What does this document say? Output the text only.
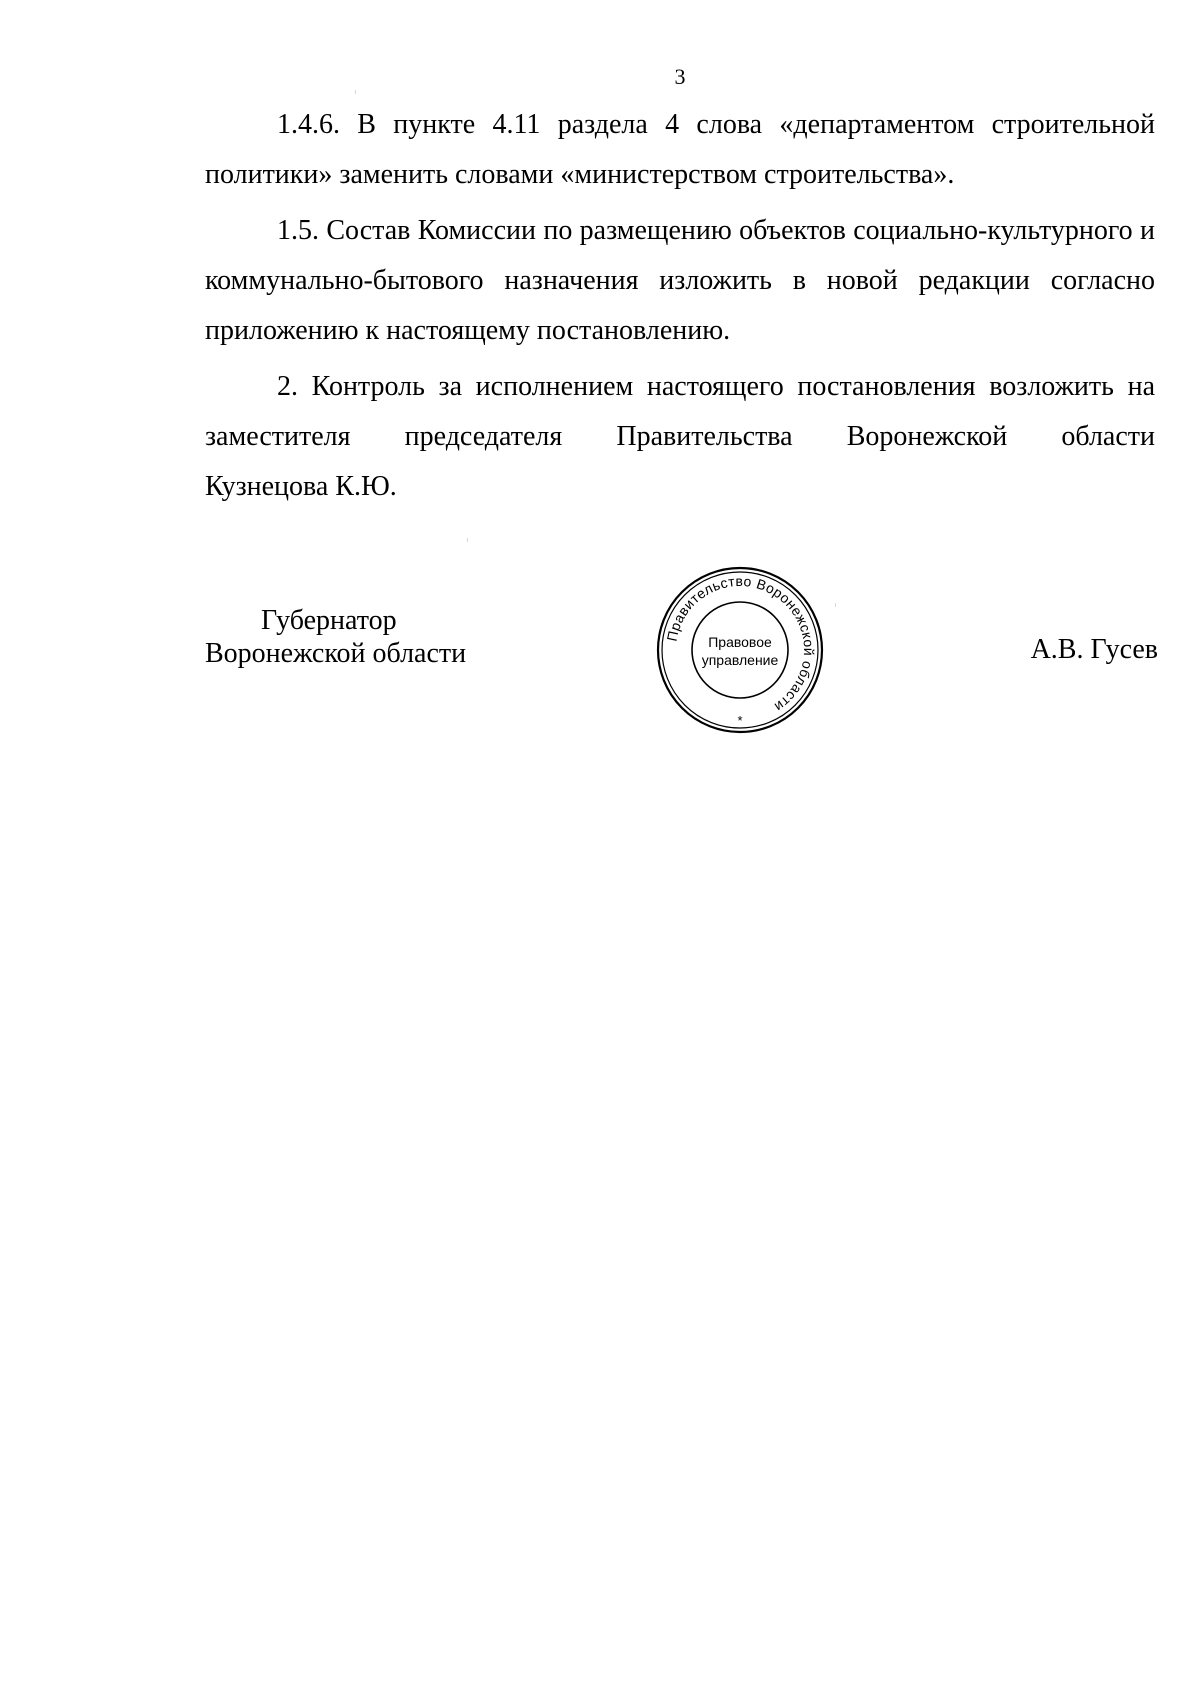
3

1.4.6. В пункте 4.11 раздела 4 слова «департаментом строительной политики» заменить словами «министерством строительства».

1.5. Состав Комиссии по размещению объектов социально-культурного и коммунально-бытового назначения изложить в новой редакции согласно приложению к настоящему постановлению.

2. Контроль за исполнением настоящего постановления возложить на заместителя председателя Правительства Воронежской области

Кузнецова К.Ю.

Губернатор
Воронежской области	А.В. Гусев
Правительство Воронежской области
Правовое
управление
*
